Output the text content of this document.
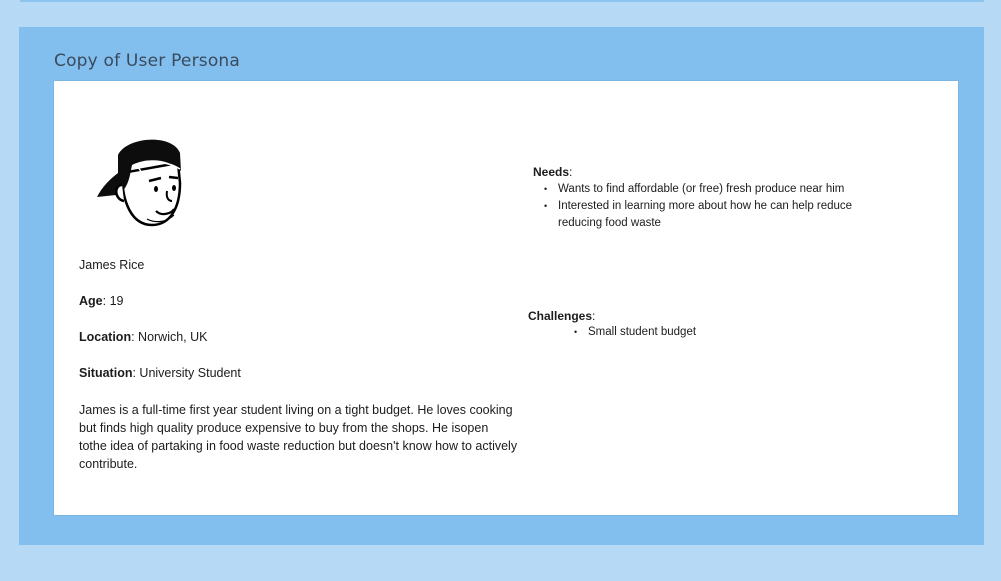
Copy of User Persona
James Rice
Age: 19
Location: Norwich, UK
Situation: University Student
James is a full-time first year student living on a tight budget. He loves cooking but finds high quality produce expensive to buy from the shops. He isopen tothe idea of partaking in food waste reduction but doesn't know how to actively contribute.
Needs:
• Wants to find affordable (or free) fresh produce near him
• Interested in learning more about how he can help reduce reducing food waste
Challenges:
• Small student budget
